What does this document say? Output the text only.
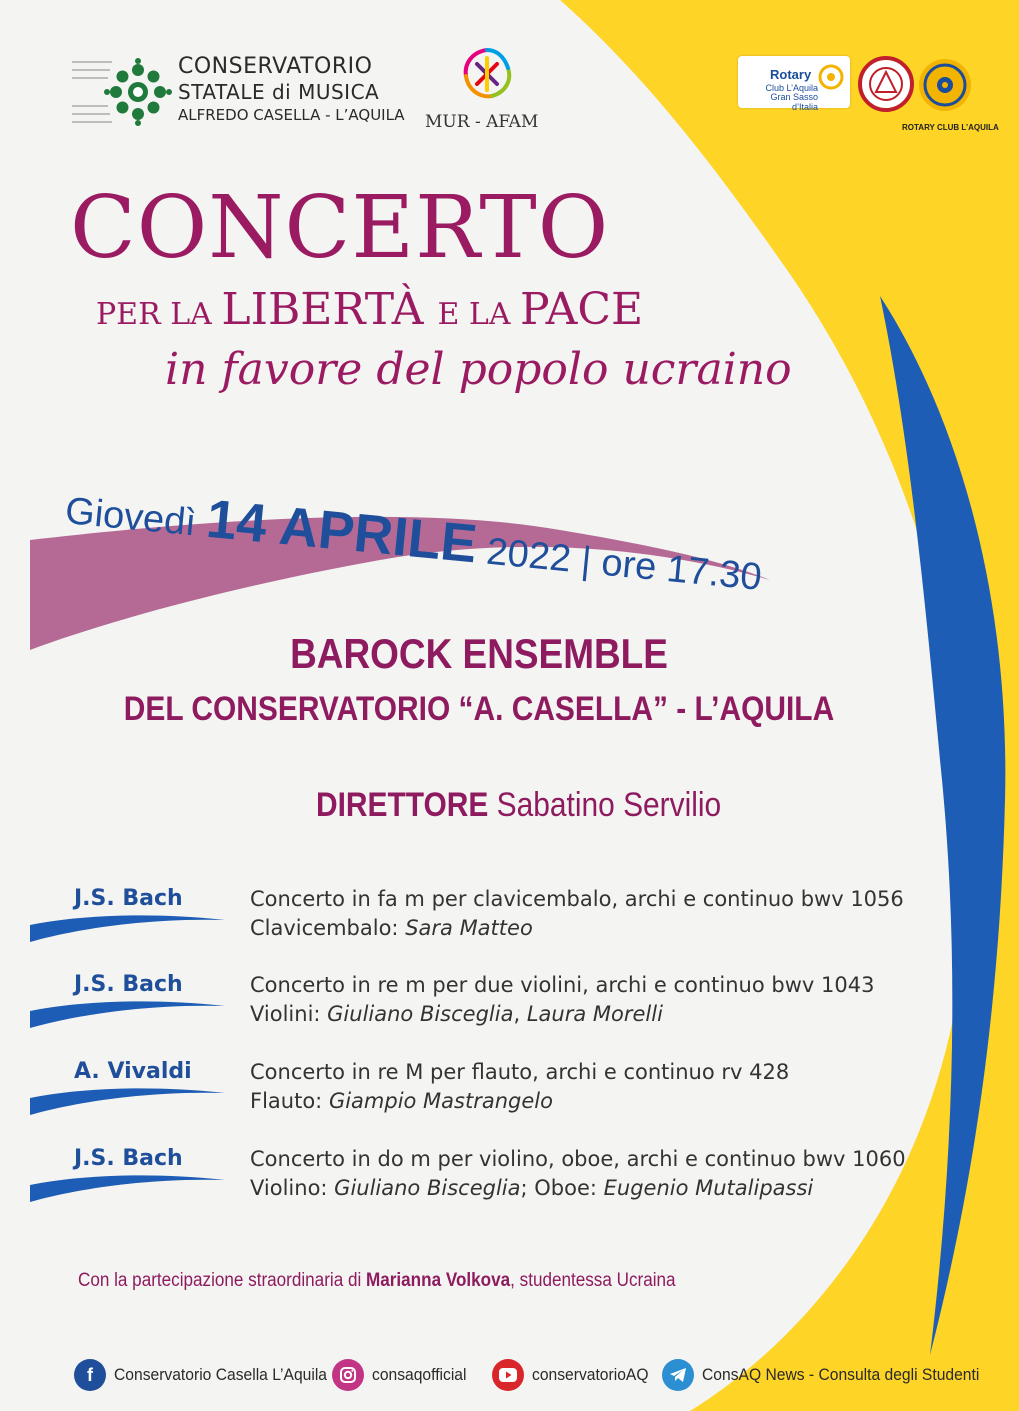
CONSERVATORIO
STATALE di MUSICA
ALFREDO CASELLA - L’AQUILA MUR - AFAM
Rotary
Club L’Aquila
Gran Sasso d’Italia
ROTARY CLUB L’AQUILA
CONCERTO
PER LA LIBERTÀ E LA PACE
in favore del popolo ucraino
Giovedì 14 APRILE 2022 | ore 17.30
BAROCK ENSEMBLE
DEL CONSERVATORIO “A. CASELLA” - L’AQUILA
DIRETTORE Sabatino Servilio
J.S. Bach	Concerto in fa m per clavicembalo, archi e continuo bwv 1056
Clavicembalo: Sara Matteo
J.S. Bach	Concerto in re m per due violini, archi e continuo bwv 1043
Violini: Giuliano Bisceglia, Laura Morelli
A. Vivaldi	Concerto in re M per flauto, archi e continuo rv 428
Flauto: Giampio Mastrangelo
J.S. Bach	Concerto in do m per violino, oboe, archi e continuo bwv 1060
Violino: Giuliano Bisceglia; Oboe: Eugenio Mutalipassi
Con la partecipazione straordinaria di Marianna Volkova, studentessa Ucraina
f	Conservatorio Casella L’Aquila	consaqofficial	conservatorioAQ	ConsAQ News - Consulta degli Studenti
